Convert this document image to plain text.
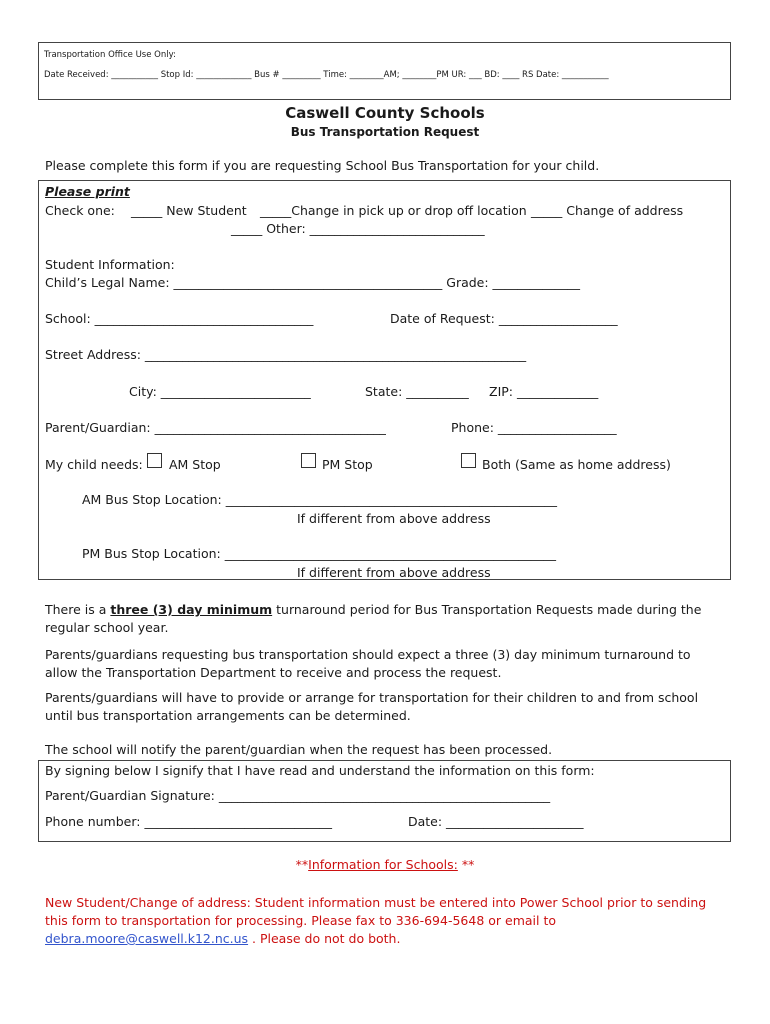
Transportation Office Use Only:
Date Received: ___________ Stop Id: _____________ Bus # _________ Time: ________AM; ________PM UR: ___ BD: ____ RS Date: ___________
Caswell County Schools
Bus Transportation Request
Please complete this form if you are requesting School Bus Transportation for your child.
Please print
Check one: _____ New Student _____Change in pick up or drop off location _____ Change of address
_____ Other: ____________________________
Student Information:
Child’s Legal Name: ___________________________________________ Grade: ______________
School: ___________________________________	Date of Request: ___________________
Street Address: _____________________________________________________________
City: ________________________	State: __________ ZIP: _____________
Parent/Guardian: _____________________________________	Phone: ___________________
My child needs: AM Stop	PM Stop	Both (Same as home address)
AM Bus Stop Location: _____________________________________________________
If different from above address
PM Bus Stop Location: _____________________________________________________
If different from above address
There is a three (3) day minimum turnaround period for Bus Transportation Requests made during the regular school year.
Parents/guardians requesting bus transportation should expect a three (3) day minimum turnaround to allow the Transportation Department to receive and process the request.
Parents/guardians will have to provide or arrange for transportation for their children to and from school until bus transportation arrangements can be determined.
The school will notify the parent/guardian when the request has been processed.
By signing below I signify that I have read and understand the information on this form:
Parent/Guardian Signature: _____________________________________________________
Phone number: ______________________________	Date: ______________________
**Information for Schools: **
New Student/Change of address: Student information must be entered into Power School prior to sending this form to transportation for processing. Please fax to 336-694-5648 or email to debra.moore@caswell.k12.nc.us . Please do not do both.
